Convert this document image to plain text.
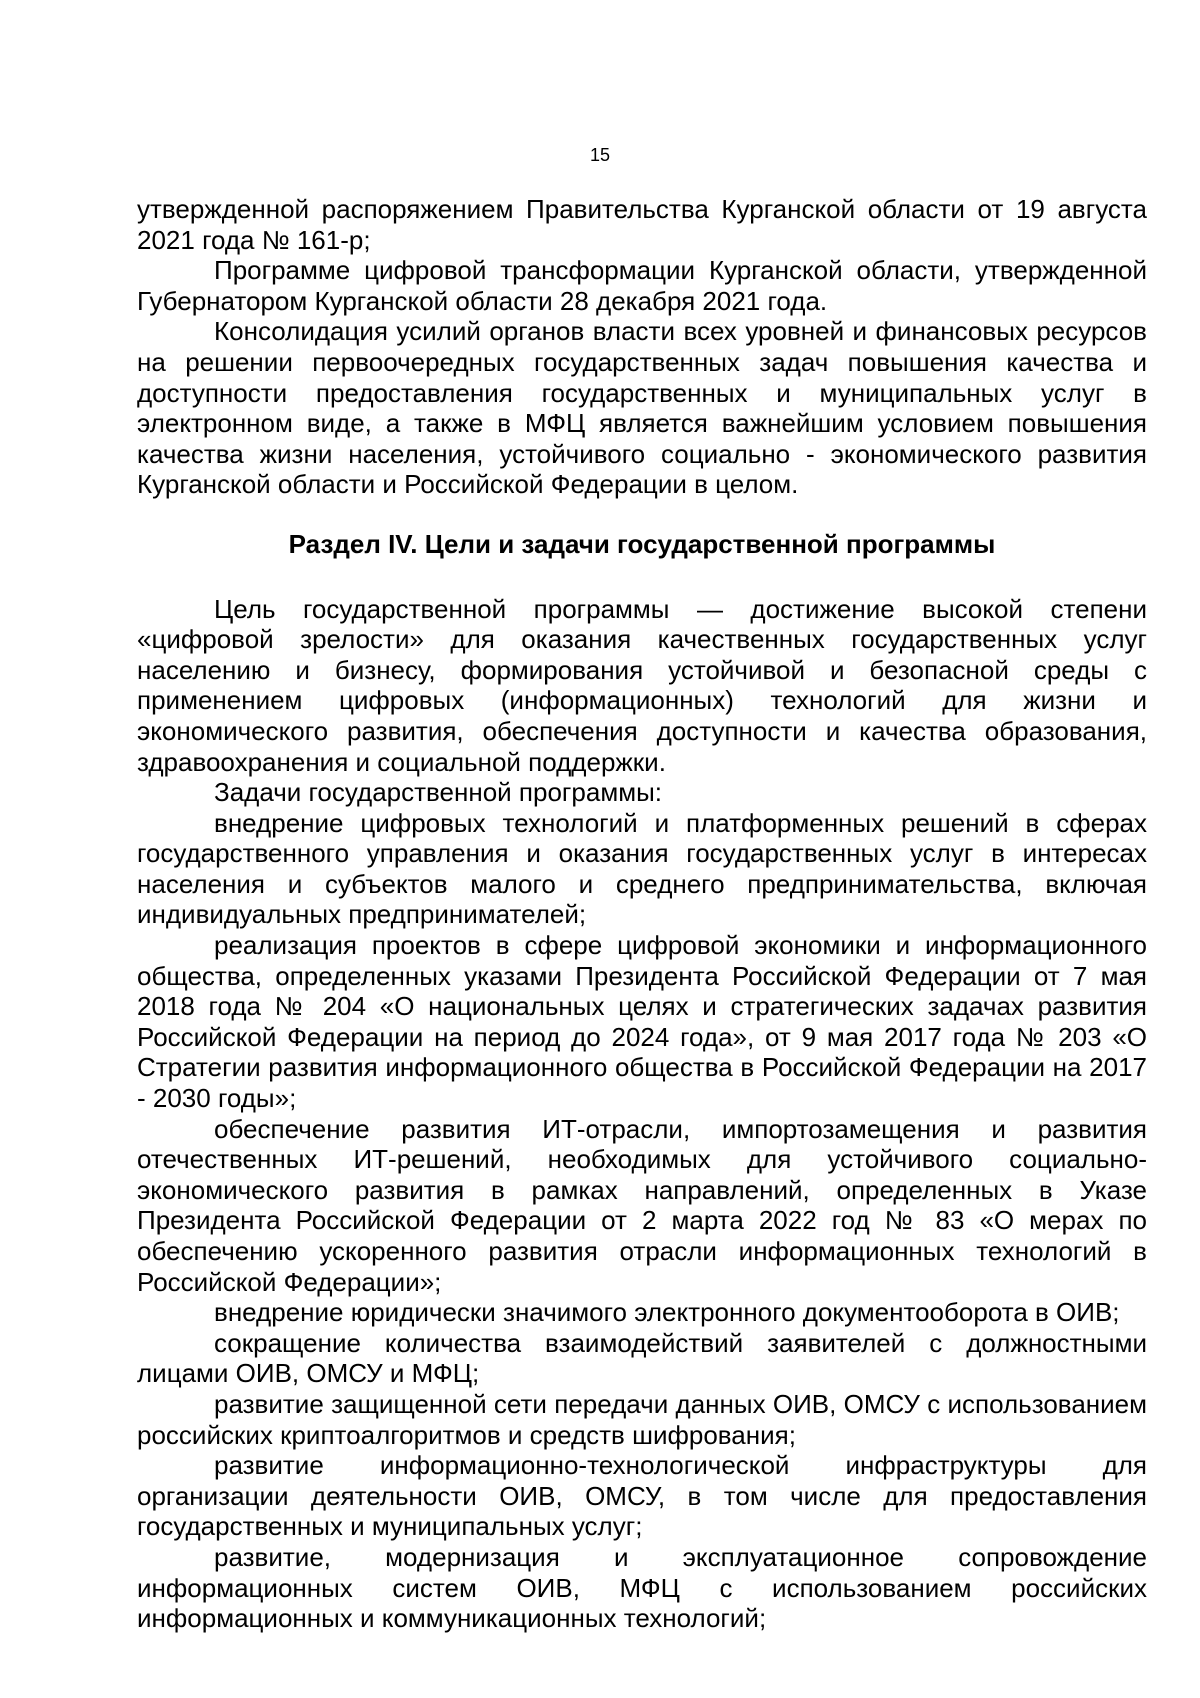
15

утвержденной распоряжением Правительства Курганской области от 19 августа 2021 года № 161-р;

Программе цифровой трансформации Курганской области, утвержденной Губернатором Курганской области 28 декабря 2021 года.

Консолидация усилий органов власти всех уровней и финансовых ресурсов на решении первоочередных государственных задач повышения качества и доступности предоставления государственных и муниципальных услуг в электронном виде, а также в МФЦ является важнейшим условием повышения качества жизни населения, устойчивого социально - экономического развития Курганской области и Российской Федерации в целом.

Раздел IV. Цели и задачи государственной программы

Цель государственной программы — достижение высокой степени «цифровой зрелости» для оказания качественных государственных услуг населению и бизнесу, формирования устойчивой и безопасной среды с применением цифровых (информационных) технологий для жизни и экономического развития, обеспечения доступности и качества образования, здравоохранения и социальной поддержки.

Задачи государственной программы:

внедрение цифровых технологий и платформенных решений в сферах государственного управления и оказания государственных услуг в интересах населения и субъектов малого и среднего предпринимательства, включая индивидуальных предпринимателей;

реализация проектов в сфере цифровой экономики и информационного общества, определенных указами Президента Российской Федерации от 7 мая 2018 года № 204 «О национальных целях и стратегических задачах развития Российской Федерации на период до 2024 года», от 9 мая 2017 года № 203 «О Стратегии развития информационного общества в Российской Федерации на 2017 - 2030 годы»;

обеспечение развития ИТ-отрасли, импортозамещения и развития отечественных ИТ-решений, необходимых для устойчивого социально-экономического развития в рамках направлений, определенных в Указе Президента Российской Федерации от 2 марта 2022 год № 83 «О мерах по обеспечению ускоренного развития отрасли информационных технологий в Российской Федерации»;

внедрение юридически значимого электронного документооборота в ОИВ;

сокращение количества взаимодействий заявителей с должностными лицами ОИВ, ОМСУ и МФЦ;

развитие защищенной сети передачи данных ОИВ, ОМСУ с использованием российских криптоалгоритмов и средств шифрования;

развитие информационно-технологической инфраструктуры для организации деятельности ОИВ, ОМСУ, в том числе для предоставления государственных и муниципальных услуг;

развитие, модернизация и эксплуатационное сопровождение информационных систем ОИВ, МФЦ с использованием российских информационных и коммуникационных технологий;
